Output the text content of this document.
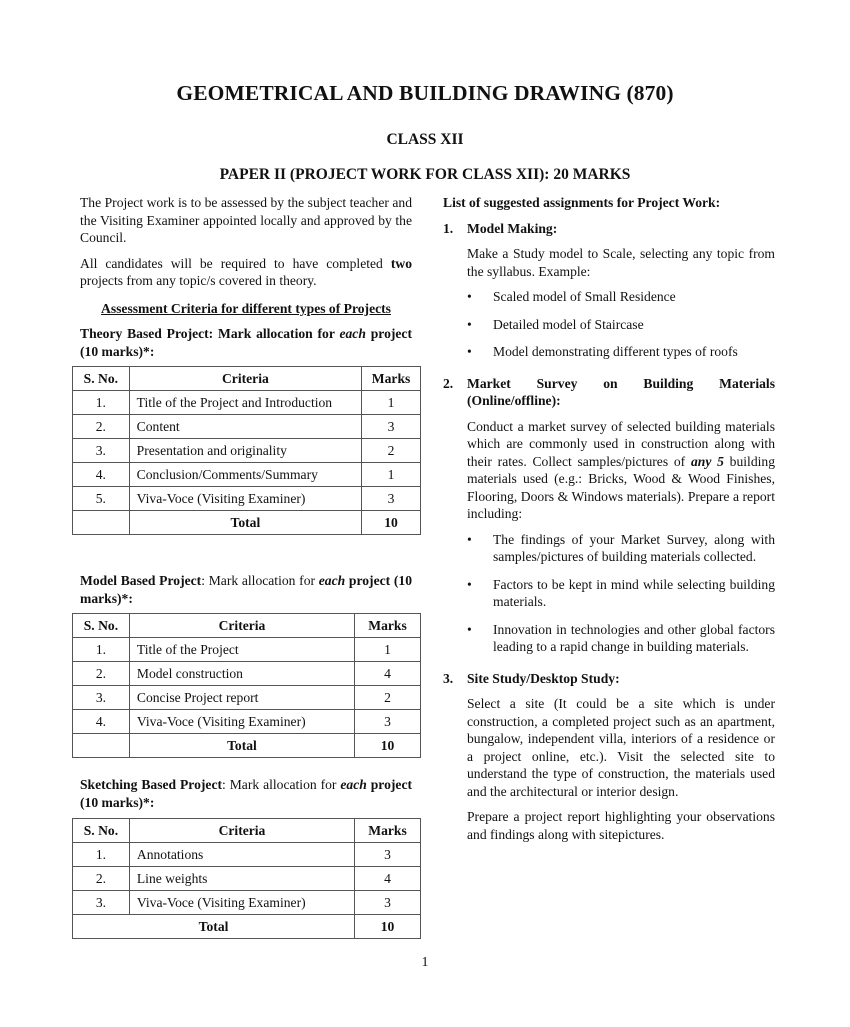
GEOMETRICAL AND BUILDING DRAWING (870)
CLASS XII
PAPER II (PROJECT WORK FOR CLASS XII): 20 MARKS

The Project work is to be assessed by the subject teacher and the Visiting Examiner appointed locally and approved by the Council.

All candidates will be required to have completed two projects from any topic/s covered in theory.

Assessment Criteria for different types of Projects
Theory Based Project: Mark allocation for each project (10 marks)*:
S. No.	Criteria	Marks
1.	Title of the Project and Introduction	1
2.	Content	3
3.	Presentation and originality	2
4.	Conclusion/Comments/Summary	1
5.	Viva-Voce (Visiting Examiner)	3
	Total	10
Model Based Project: Mark allocation for each project (10 marks)*:
S. No.	Criteria	Marks
1.	Title of the Project	1
2.	Model construction	4
3.	Concise Project report	2
4.	Viva-Voce (Visiting Examiner)	3
	Total	10
Sketching Based Project: Mark allocation for each project (10 marks)*:
S. No.	Criteria	Marks
1.	Annotations	3
2.	Line weights	4
3.	Viva-Voce (Visiting Examiner)	3
Total		10
List of suggested assignments for Project Work:
1. Model Making:

Make a Study model to Scale, selecting any topic from the syllabus. Example:

• Scaled model of Small Residence
• Detailed model of Staircase
• Model demonstrating different types of roofs
2. Market Survey on Building Materials (Online/offline):

Conduct a market survey of selected building materials which are commonly used in construction along with their rates. Collect samples/pictures of any 5 building materials used (e.g.: Bricks, Wood & Wood Finishes, Flooring, Doors & Windows materials). Prepare a report including:

• The findings of your Market Survey, along with samples/pictures of building materials collected.
• Factors to be kept in mind while selecting building materials.
• Innovation in technologies and other global factors leading to a rapid change in building materials.
3. Site Study/Desktop Study:

Select a site (It could be a site which is under construction, a completed project such as an apartment, bungalow, independent villa, interiors of a residence or a project online, etc.). Visit the selected site to understand the type of construction, the materials used and the architectural or interior design.

Prepare a project report highlighting your observations and findings along with sitepictures.

1
